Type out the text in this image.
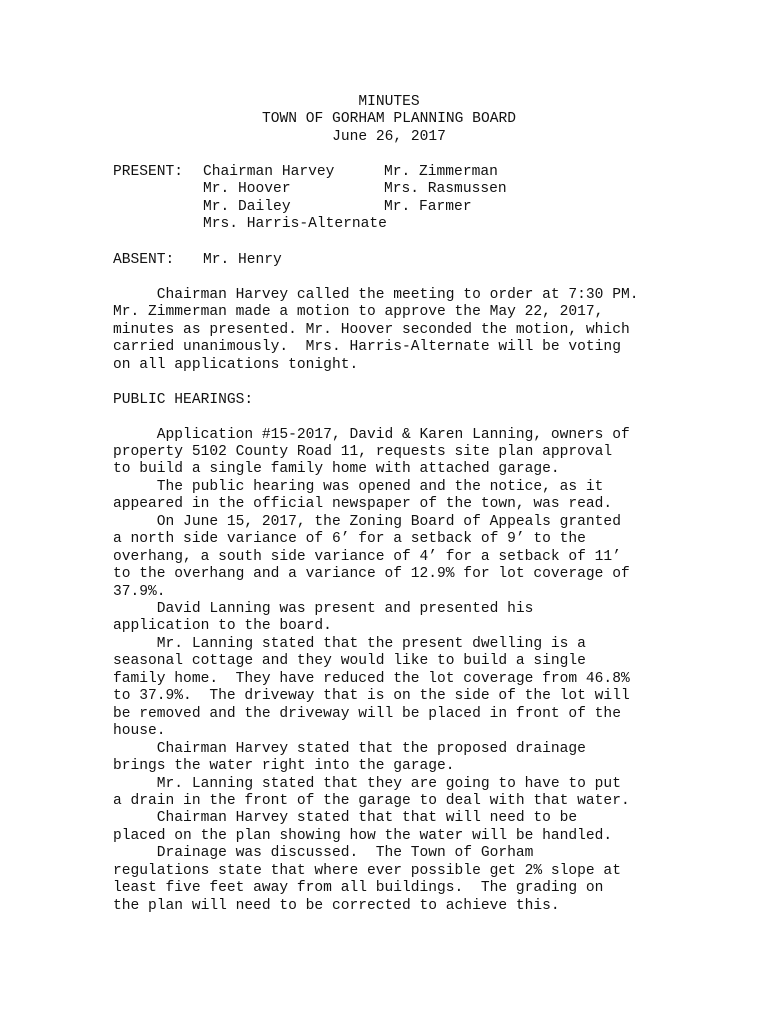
MINUTES
TOWN OF GORHAM PLANNING BOARD
June 26, 2017
PRESENT: Chairman Harvey
Mr. Hoover
Mr. Dailey
Mrs. Harris-Alternate
Mr. Zimmerman
Mrs. Rasmussen
Mr. Farmer
ABSENT: Mr. Henry
Chairman Harvey called the meeting to order at 7:30 PM.
Mr. Zimmerman made a motion to approve the May 22, 2017,
minutes as presented. Mr. Hoover seconded the motion, which
carried unanimously.  Mrs. Harris-Alternate will be voting
on all applications tonight.
PUBLIC HEARINGS:
Application #15-2017, David & Karen Lanning, owners of
property 5102 County Road 11, requests site plan approval
to build a single family home with attached garage.
The public hearing was opened and the notice, as it
appeared in the official newspaper of the town, was read.
On June 15, 2017, the Zoning Board of Appeals granted
a north side variance of 6’ for a setback of 9’ to the
overhang, a south side variance of 4’ for a setback of 11’
to the overhang and a variance of 12.9% for lot coverage of
37.9%.
David Lanning was present and presented his
application to the board.
Mr. Lanning stated that the present dwelling is a
seasonal cottage and they would like to build a single
family home.  They have reduced the lot coverage from 46.8%
to 37.9%.  The driveway that is on the side of the lot will
be removed and the driveway will be placed in front of the
house.
Chairman Harvey stated that the proposed drainage
brings the water right into the garage.
Mr. Lanning stated that they are going to have to put
a drain in the front of the garage to deal with that water.
Chairman Harvey stated that that will need to be
placed on the plan showing how the water will be handled.
Drainage was discussed.  The Town of Gorham
regulations state that where ever possible get 2% slope at
least five feet away from all buildings.  The grading on
the plan will need to be corrected to achieve this.
